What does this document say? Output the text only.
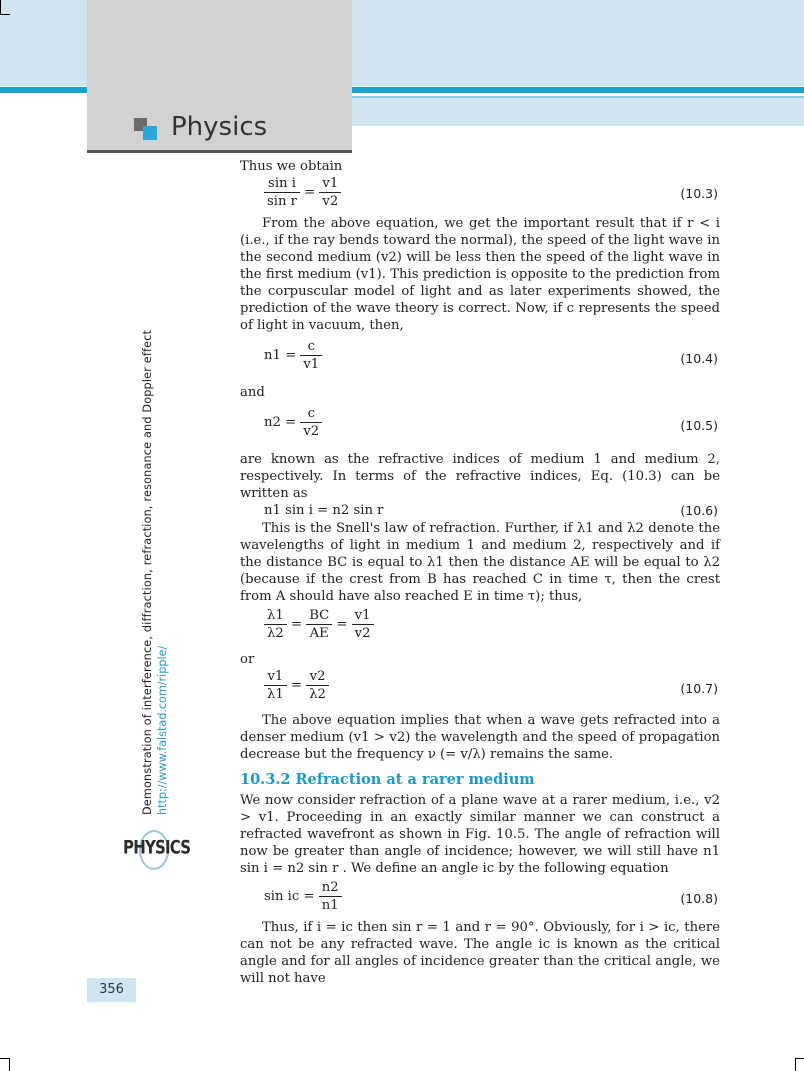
Physics
Demonstration of interference, diffraction, refraction, resonance and Doppler effect http://www.falstad.com/ripple/
PHYSICS
356

Thus we obtain

$\frac{\text{sin i}}{\text{sin r}} = \frac{v1}{v2}$	(10.3)

From the above equation, we get the important result that if r < i (i.e., if the ray bends toward the normal), the speed of the light wave in the second medium (v2) will be less then the speed of the light wave in the first medium (v1). This prediction is opposite to the prediction from the corpuscular model of light and as later experiments showed, the prediction of the wave theory is correct. Now, if c represents the speed of light in vacuum, then,

$n1 = \frac{c}{v1}$	(10.4)

and

$n2 = \frac{c}{v2}$	(10.5)

are known as the refractive indices of medium 1 and medium 2, respectively. In terms of the refractive indices, Eq. (10.3) can be written as

n1 sin i = n2 sin r	(10.6)

This is the Snell's law of refraction. Further, if λ1 and λ2 denote the wavelengths of light in medium 1 and medium 2, respectively and if the distance BC is equal to λ1 then the distance AE will be equal to λ2 (because if the crest from B has reached C in time τ, then the crest from A should have also reached E in time τ); thus,

$\frac{\lambda 1}{\lambda 2} = \frac{BC}{AE} = \frac{v1}{v2}$

or

$\frac{v1}{\lambda 1} = \frac{v2}{\lambda 2}$	(10.7)

The above equation implies that when a wave gets refracted into a denser medium (v1 > v2) the wavelength and the speed of propagation decrease but the frequency ν (= v/λ) remains the same.

10.3.2 Refraction at a rarer medium

We now consider refraction of a plane wave at a rarer medium, i.e., v2 > v1. Proceeding in an exactly similar manner we can construct a refracted wavefront as shown in Fig. 10.5. The angle of refraction will now be greater than angle of incidence; however, we will still have n1 sin i = n2 sin r . We define an angle ic by the following equation

sin ic = $\frac{n2}{n1}$	(10.8)

Thus, if i = ic then sin r = 1 and r = 90°. Obviously, for i > ic, there can not be any refracted wave. The angle ic is known as the critical angle and for all angles of incidence greater than the critical angle, we will not have
